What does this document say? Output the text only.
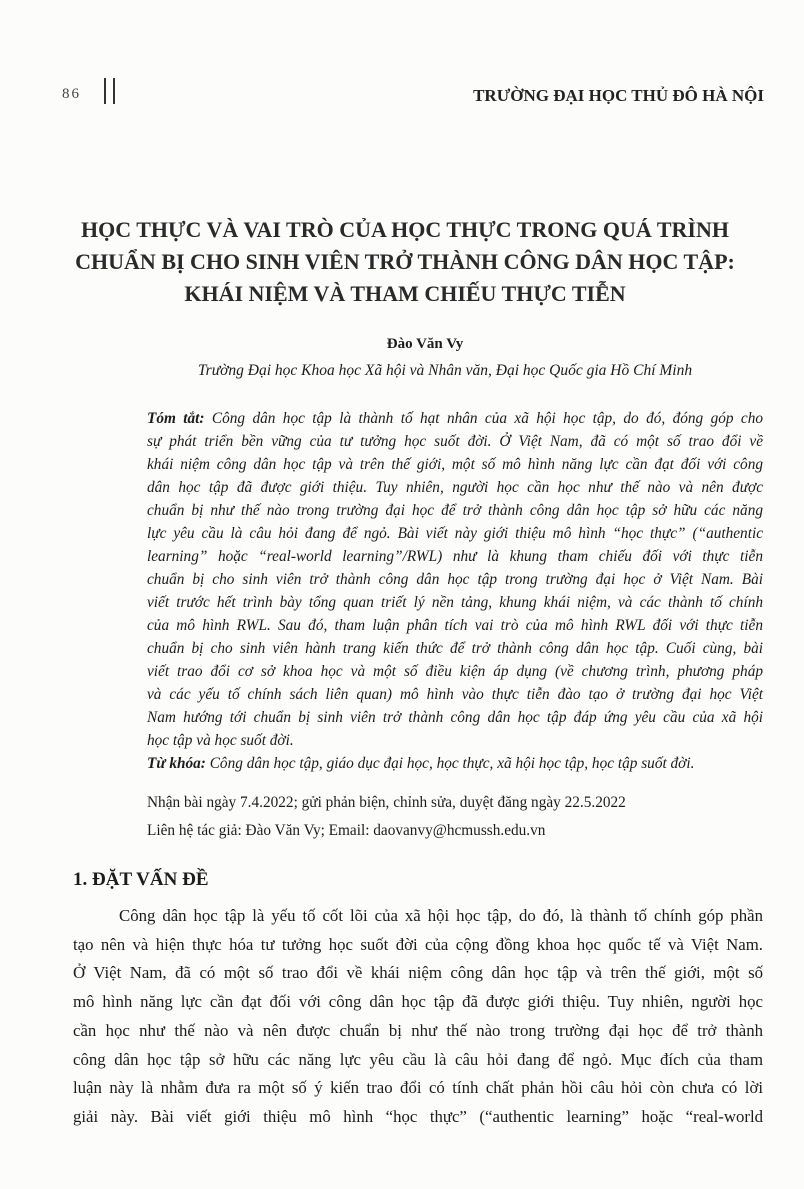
86	TRƯỜNG ĐẠI HỌC THỦ ĐÔ HÀ NỘI
HỌC THỰC VÀ VAI TRÒ CỦA HỌC THỰC TRONG QUÁ TRÌNH
CHUẨN BỊ CHO SINH VIÊN TRỞ THÀNH CÔNG DÂN HỌC TẬP:
KHÁI NIỆM VÀ THAM CHIẾU THỰC TIỄN
Đào Văn Vy
Trường Đại học Khoa học Xã hội và Nhân văn, Đại học Quốc gia Hồ Chí Minh
Tóm tắt: Công dân học tập là thành tố hạt nhân của xã hội học tập, do đó, đóng góp cho
sự phát triển bền vững của tư tưởng học suốt đời. Ở Việt Nam, đã có một số trao đổi về
khái niệm công dân học tập và trên thế giới, một số mô hình năng lực cần đạt đối với công
dân học tập đã được giới thiệu. Tuy nhiên, người học cần học như thế nào và nên được
chuẩn bị như thế nào trong trường đại học để trở thành công dân học tập sở hữu các năng
lực yêu cầu là câu hỏi đang để ngỏ. Bài viết này giới thiệu mô hình “học thực” (“authentic
learning” hoặc “real-world learning”/RWL) như là khung tham chiếu đối với thực tiễn
chuẩn bị cho sinh viên trở thành công dân học tập trong trường đại học ở Việt Nam. Bài
viết trước hết trình bày tổng quan triết lý nền tảng, khung khái niệm, và các thành tố chính
của mô hình RWL. Sau đó, tham luận phân tích vai trò của mô hình RWL đối với thực tiễn
chuẩn bị cho sinh viên hành trang kiến thức để trở thành công dân học tập. Cuối cùng, bài
viết trao đổi cơ sở khoa học và một số điều kiện áp dụng (về chương trình, phương pháp
và các yếu tố chính sách liên quan) mô hình vào thực tiễn đào tạo ở trường đại học Việt
Nam hướng tới chuẩn bị sinh viên trở thành công dân học tập đáp ứng yêu cầu của xã hội
học tập và học suốt đời.
Từ khóa: Công dân học tập, giáo dục đại học, học thực, xã hội học tập, học tập suốt đời.
Nhận bài ngày 7.4.2022; gửi phản biện, chỉnh sửa, duyệt đăng ngày 22.5.2022
Liên hệ tác giả: Đào Văn Vy; Email: daovanvy@hcmussh.edu.vn
1. ĐẶT VẤN ĐỀ
Công dân học tập là yếu tố cốt lõi của xã hội học tập, do đó, là thành tố chính góp phần
tạo nên và hiện thực hóa tư tưởng học suốt đời của cộng đồng khoa học quốc tế và Việt Nam.
Ở Việt Nam, đã có một số trao đổi về khái niệm công dân học tập và trên thế giới, một số
mô hình năng lực cần đạt đối với công dân học tập đã được giới thiệu. Tuy nhiên, người học
cần học như thế nào và nên được chuẩn bị như thế nào trong trường đại học để trở thành
công dân học tập sở hữu các năng lực yêu cầu là câu hỏi đang để ngỏ. Mục đích của tham
luận này là nhằm đưa ra một số ý kiến trao đổi có tính chất phản hồi câu hỏi còn chưa có lời
giải này. Bài viết giới thiệu mô hình “học thực” (“authentic learning” hoặc “real-world
